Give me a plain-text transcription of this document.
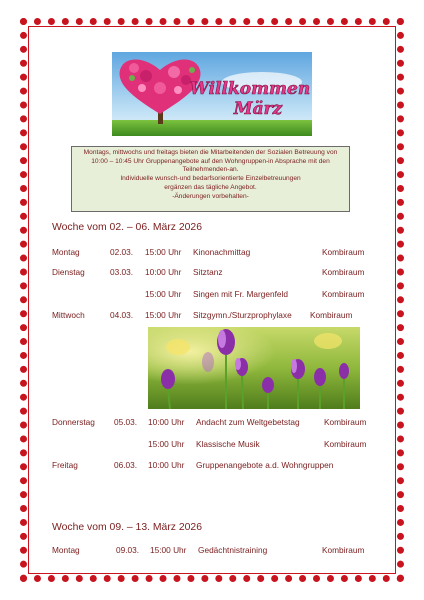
Willkommen
März
Montags, mittwochs und freitags bieten die Mitarbeitenden der Sozialen Betreuung von
10:00 – 10:45 Uhr Gruppenangebote auf den Wohngruppen-in Absprache mit den
Teilnehmenden-an.
Individuelle wunsch-und bedarfsorientierte Einzelbetreuungen
ergänzen das tägliche Angebot.
-Änderungen vorbehalten-
Woche vom 02. – 06. März 2026
Montag	02.03. 15:00 Uhr Kinonachmittag	Kombiraum
Dienstag	03.03. 10:00 Uhr Sitztanz	Kombiraum
15:00 Uhr Singen mit Fr. Margenfeld	Kombiraum
Mittwoch	04.03. 15:00 Uhr Sitzgymn./Sturzprophylaxe Kombiraum
Donnerstag 05.03. 10:00 Uhr Andacht zum Weltgebetstag	Kombiraum
15:00 Uhr Klassische Musik	Kombiraum
Freitag	06.03. 10:00 Uhr Gruppenangebote a.d. Wohngruppen
Woche vom 09. – 13. März 2026
Montag	09.03. 15:00 Uhr Gedächtnistraining	Kombiraum
